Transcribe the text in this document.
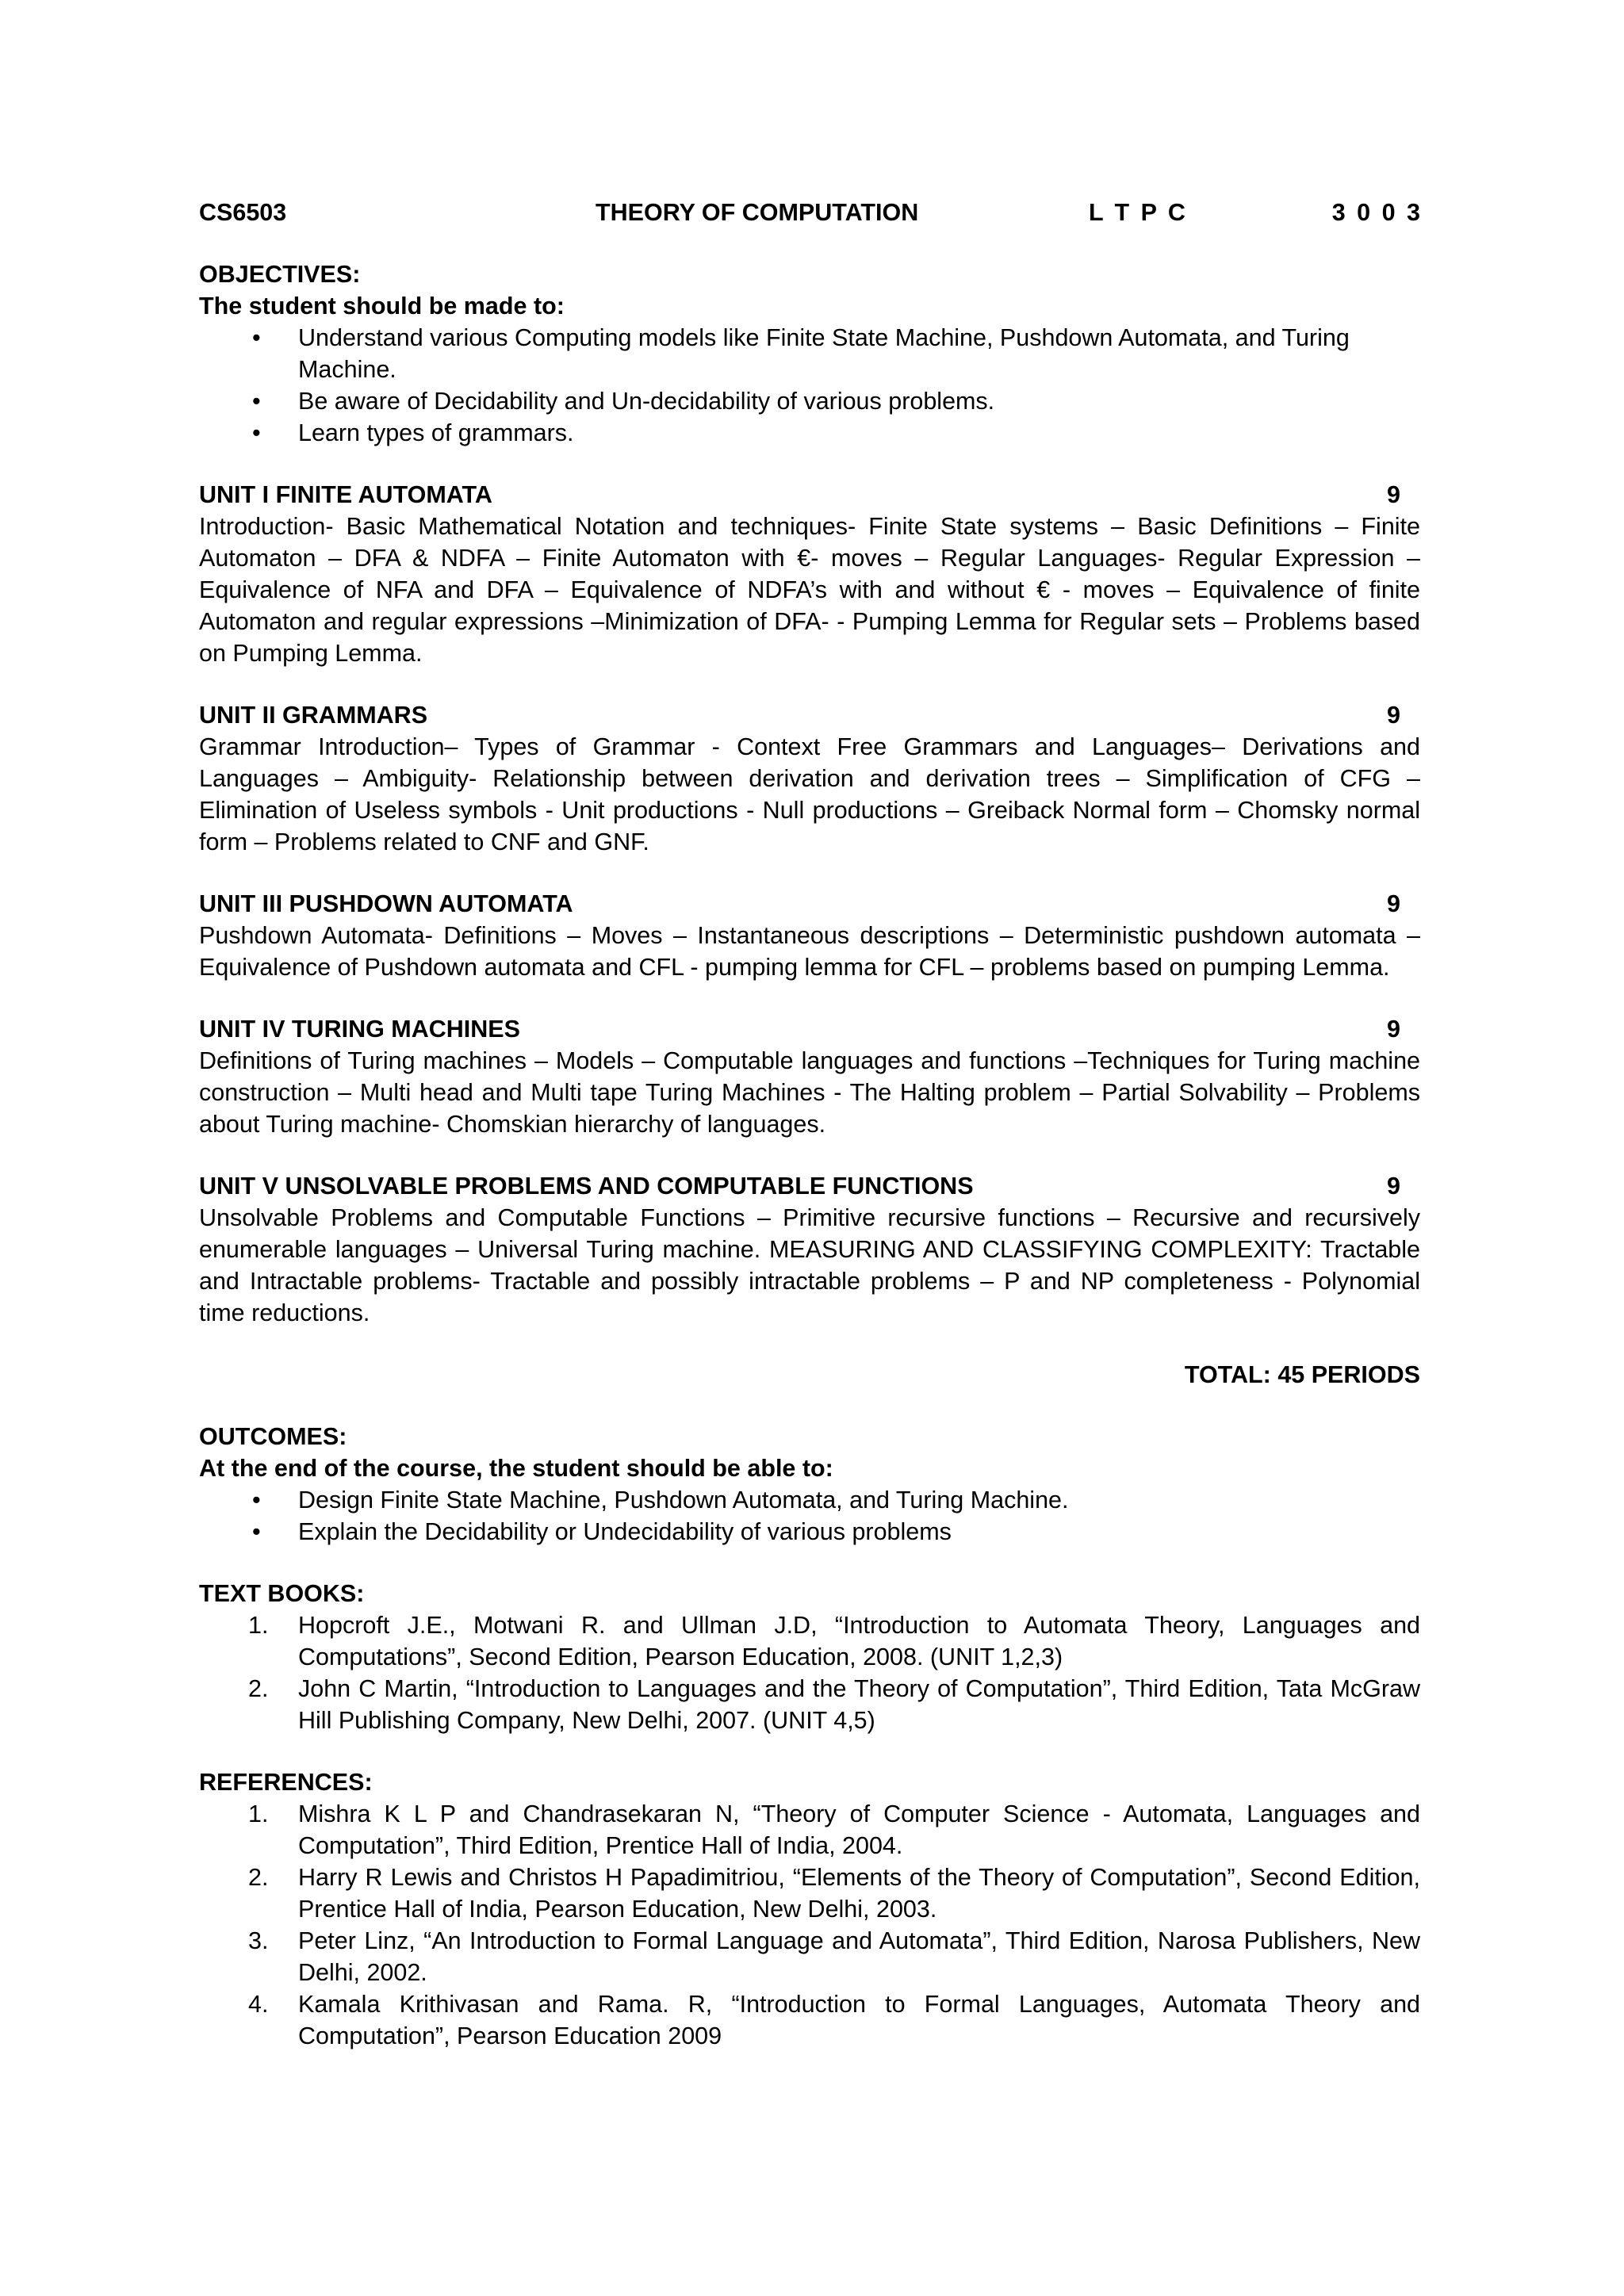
CS6503	THEORY OF COMPUTATION	L T P C	3 0 0 3
OBJECTIVES:
The student should be made to:
• Understand various Computing models like Finite State Machine, Pushdown Automata, and Turing Machine.
• Be aware of Decidability and Un-decidability of various problems.
• Learn types of grammars.
UNIT I FINITE AUTOMATA	9
Introduction- Basic Mathematical Notation and techniques- Finite State systems – Basic Definitions – Finite Automaton – DFA & NDFA – Finite Automaton with €- moves – Regular Languages- Regular Expression – Equivalence of NFA and DFA – Equivalence of NDFA’s with and without € - moves – Equivalence of finite Automaton and regular expressions –Minimization of DFA- - Pumping Lemma for Regular sets – Problems based on Pumping Lemma.
UNIT II GRAMMARS	9
Grammar Introduction– Types of Grammar - Context Free Grammars and Languages– Derivations and Languages – Ambiguity- Relationship between derivation and derivation trees – Simplification of CFG – Elimination of Useless symbols - Unit productions - Null productions – Greiback Normal form – Chomsky normal form – Problems related to CNF and GNF.
UNIT III PUSHDOWN AUTOMATA	9
Pushdown Automata- Definitions – Moves – Instantaneous descriptions – Deterministic pushdown automata – Equivalence of Pushdown automata and CFL - pumping lemma for CFL – problems based on pumping Lemma.
UNIT IV TURING MACHINES	9
Definitions of Turing machines – Models – Computable languages and functions –Techniques for Turing machine construction – Multi head and Multi tape Turing Machines - The Halting problem – Partial Solvability – Problems about Turing machine- Chomskian hierarchy of languages.
UNIT V UNSOLVABLE PROBLEMS AND COMPUTABLE FUNCTIONS	9
Unsolvable Problems and Computable Functions – Primitive recursive functions – Recursive and recursively enumerable languages – Universal Turing machine. MEASURING AND CLASSIFYING COMPLEXITY: Tractable and Intractable problems- Tractable and possibly intractable problems – P and NP completeness - Polynomial time reductions.
TOTAL: 45 PERIODS
OUTCOMES:
At the end of the course, the student should be able to:
• Design Finite State Machine, Pushdown Automata, and Turing Machine.
• Explain the Decidability or Undecidability of various problems
TEXT BOOKS:
1. Hopcroft J.E., Motwani R. and Ullman J.D, “Introduction to Automata Theory, Languages and Computations”, Second Edition, Pearson Education, 2008. (UNIT 1,2,3)
2. John C Martin, “Introduction to Languages and the Theory of Computation”, Third Edition, Tata McGraw Hill Publishing Company, New Delhi, 2007. (UNIT 4,5)
REFERENCES:
1. Mishra K L P and Chandrasekaran N, “Theory of Computer Science - Automata, Languages and Computation”, Third Edition, Prentice Hall of India, 2004.
2. Harry R Lewis and Christos H Papadimitriou, “Elements of the Theory of Computation”, Second Edition, Prentice Hall of India, Pearson Education, New Delhi, 2003.
3. Peter Linz, “An Introduction to Formal Language and Automata”, Third Edition, Narosa Publishers, New Delhi, 2002.
4. Kamala Krithivasan and Rama. R, “Introduction to Formal Languages, Automata Theory and Computation”, Pearson Education 2009
